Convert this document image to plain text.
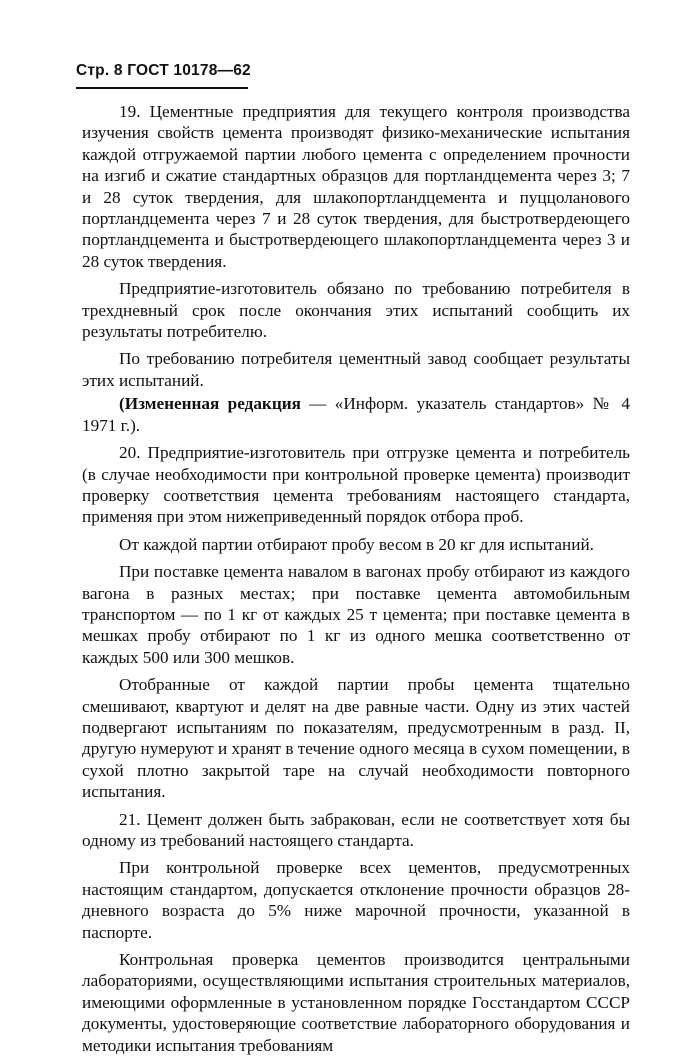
Стр. 8 ГОСТ 10178—62

19. Цементные предприятия для текущего контроля производства изучения свойств цемента производят физико-механические испытания каждой отгружаемой партии любого цемента с определением прочности на изгиб и сжатие стандартных образцов для портландцемента через 3; 7 и 28 суток твердения, для шлакопортландцемента и пуццоланового портландцемента через 7 и 28 суток твердения, для быстротвердеющего портландцемента и быстротвердеющего шлакопортландцемента через 3 и 28 суток твердения.

Предприятие-изготовитель обязано по требованию потребителя в трехдневный срок после окончания этих испытаний сообщить их результаты потребителю.

По требованию потребителя цементный завод сообщает результаты этих испытаний.

(Измененная редакция — «Информ. указатель стандартов» № 4 1971 г.).

20. Предприятие-изготовитель при отгрузке цемента и потребитель (в случае необходимости при контрольной проверке цемента) производит проверку соответствия цемента требованиям настоящего стандарта, применяя при этом нижеприведенный порядок отбора проб.

От каждой партии отбирают пробу весом в 20 кг для испытаний.

При поставке цемента навалом в вагонах пробу отбирают из каждого вагона в разных местах; при поставке цемента автомобильным транспортом — по 1 кг от каждых 25 т цемента; при поставке цемента в мешках пробу отбирают по 1 кг из одного мешка соответственно от каждых 500 или 300 мешков.

Отобранные от каждой партии пробы цемента тщательно смешивают, квартуют и делят на две равные части. Одну из этих частей подвергают испытаниям по показателям, предусмотренным в разд. II, другую нумеруют и хранят в течение одного месяца в сухом помещении, в сухой плотно закрытой таре на случай необходимости повторного испытания.

21. Цемент должен быть забракован, если не соответствует хотя бы одному из требований настоящего стандарта.

При контрольной проверке всех цементов, предусмотренных настоящим стандартом, допускается отклонение прочности образцов 28-дневного возраста до 5% ниже марочной прочности, указанной в паспорте.

Контрольная проверка цементов производится центральными лабораториями, осуществляющими испытания строительных материалов, имеющими оформленные в установленном порядке Госстандартом СССР документы, удостоверяющие соответствие лабораторного оборудования и методики испытания требованиям
